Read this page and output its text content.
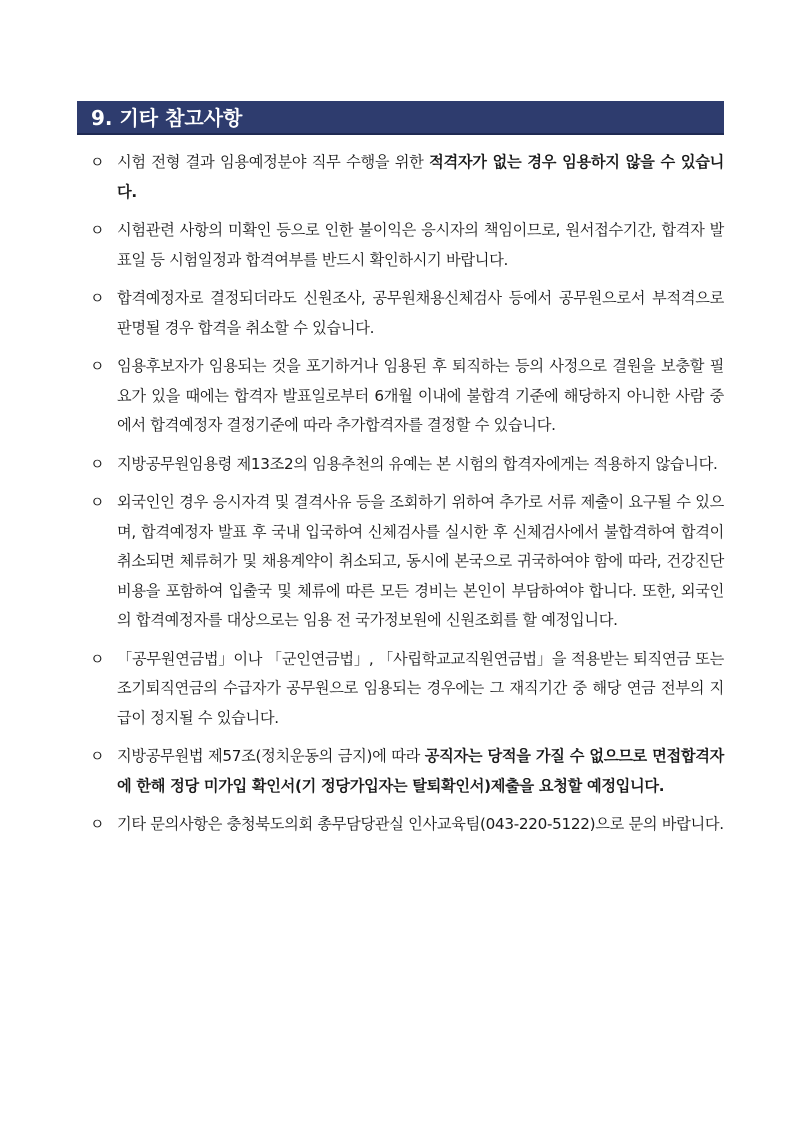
9. 기타 참고사항
ㅇ 시험 전형 결과 임용예정분야 직무 수행을 위한 적격자가 없는 경우 임용하지 않을 수 있습니다.
ㅇ 시험관련 사항의 미확인 등으로 인한 불이익은 응시자의 책임이므로, 원서접수기간, 합격자 발표일 등 시험일정과 합격여부를 반드시 확인하시기 바랍니다.
ㅇ 합격예정자로 결정되더라도 신원조사, 공무원채용신체검사 등에서 공무원으로서 부적격으로 판명될 경우 합격을 취소할 수 있습니다.
ㅇ 임용후보자가 임용되는 것을 포기하거나 임용된 후 퇴직하는 등의 사정으로 결원을 보충할 필요가 있을 때에는 합격자 발표일로부터 6개월 이내에 불합격 기준에 해당하지 아니한 사람 중에서 합격예정자 결정기준에 따라 추가합격자를 결정할 수 있습니다.
ㅇ 지방공무원임용령 제13조2의 임용추천의 유예는 본 시험의 합격자에게는 적용하지 않습니다.
ㅇ 외국인인 경우 응시자격 및 결격사유 등을 조회하기 위하여 추가로 서류 제출이 요구될 수 있으며, 합격예정자 발표 후 국내 입국하여 신체검사를 실시한 후 신체검사에서 불합격하여 합격이 취소되면 체류허가 및 채용계약이 취소되고, 동시에 본국으로 귀국하여야 함에 따라, 건강진단 비용을 포함하여 입출국 및 체류에 따른 모든 경비는 본인이 부담하여야 합니다. 또한, 외국인의 합격예정자를 대상으로는 임용 전 국가정보원에 신원조회를 할 예정입니다.
ㅇ 「공무원연금법」이나 「군인연금법」, 「사립학교교직원연금법」을 적용받는 퇴직연금 또는 조기퇴직연금의 수급자가 공무원으로 임용되는 경우에는 그 재직기간 중 해당 연금 전부의 지급이 정지될 수 있습니다.
ㅇ 지방공무원법 제57조(정치운동의 금지)에 따라 공직자는 당적을 가질 수 없으므로 면접합격자에 한해 정당 미가입 확인서(기 정당가입자는 탈퇴확인서)제출을 요청할 예정입니다.
ㅇ 기타 문의사항은 충청북도의회 총무담당관실 인사교육팀(043-220-5122)으로 문의 바랍니다.
